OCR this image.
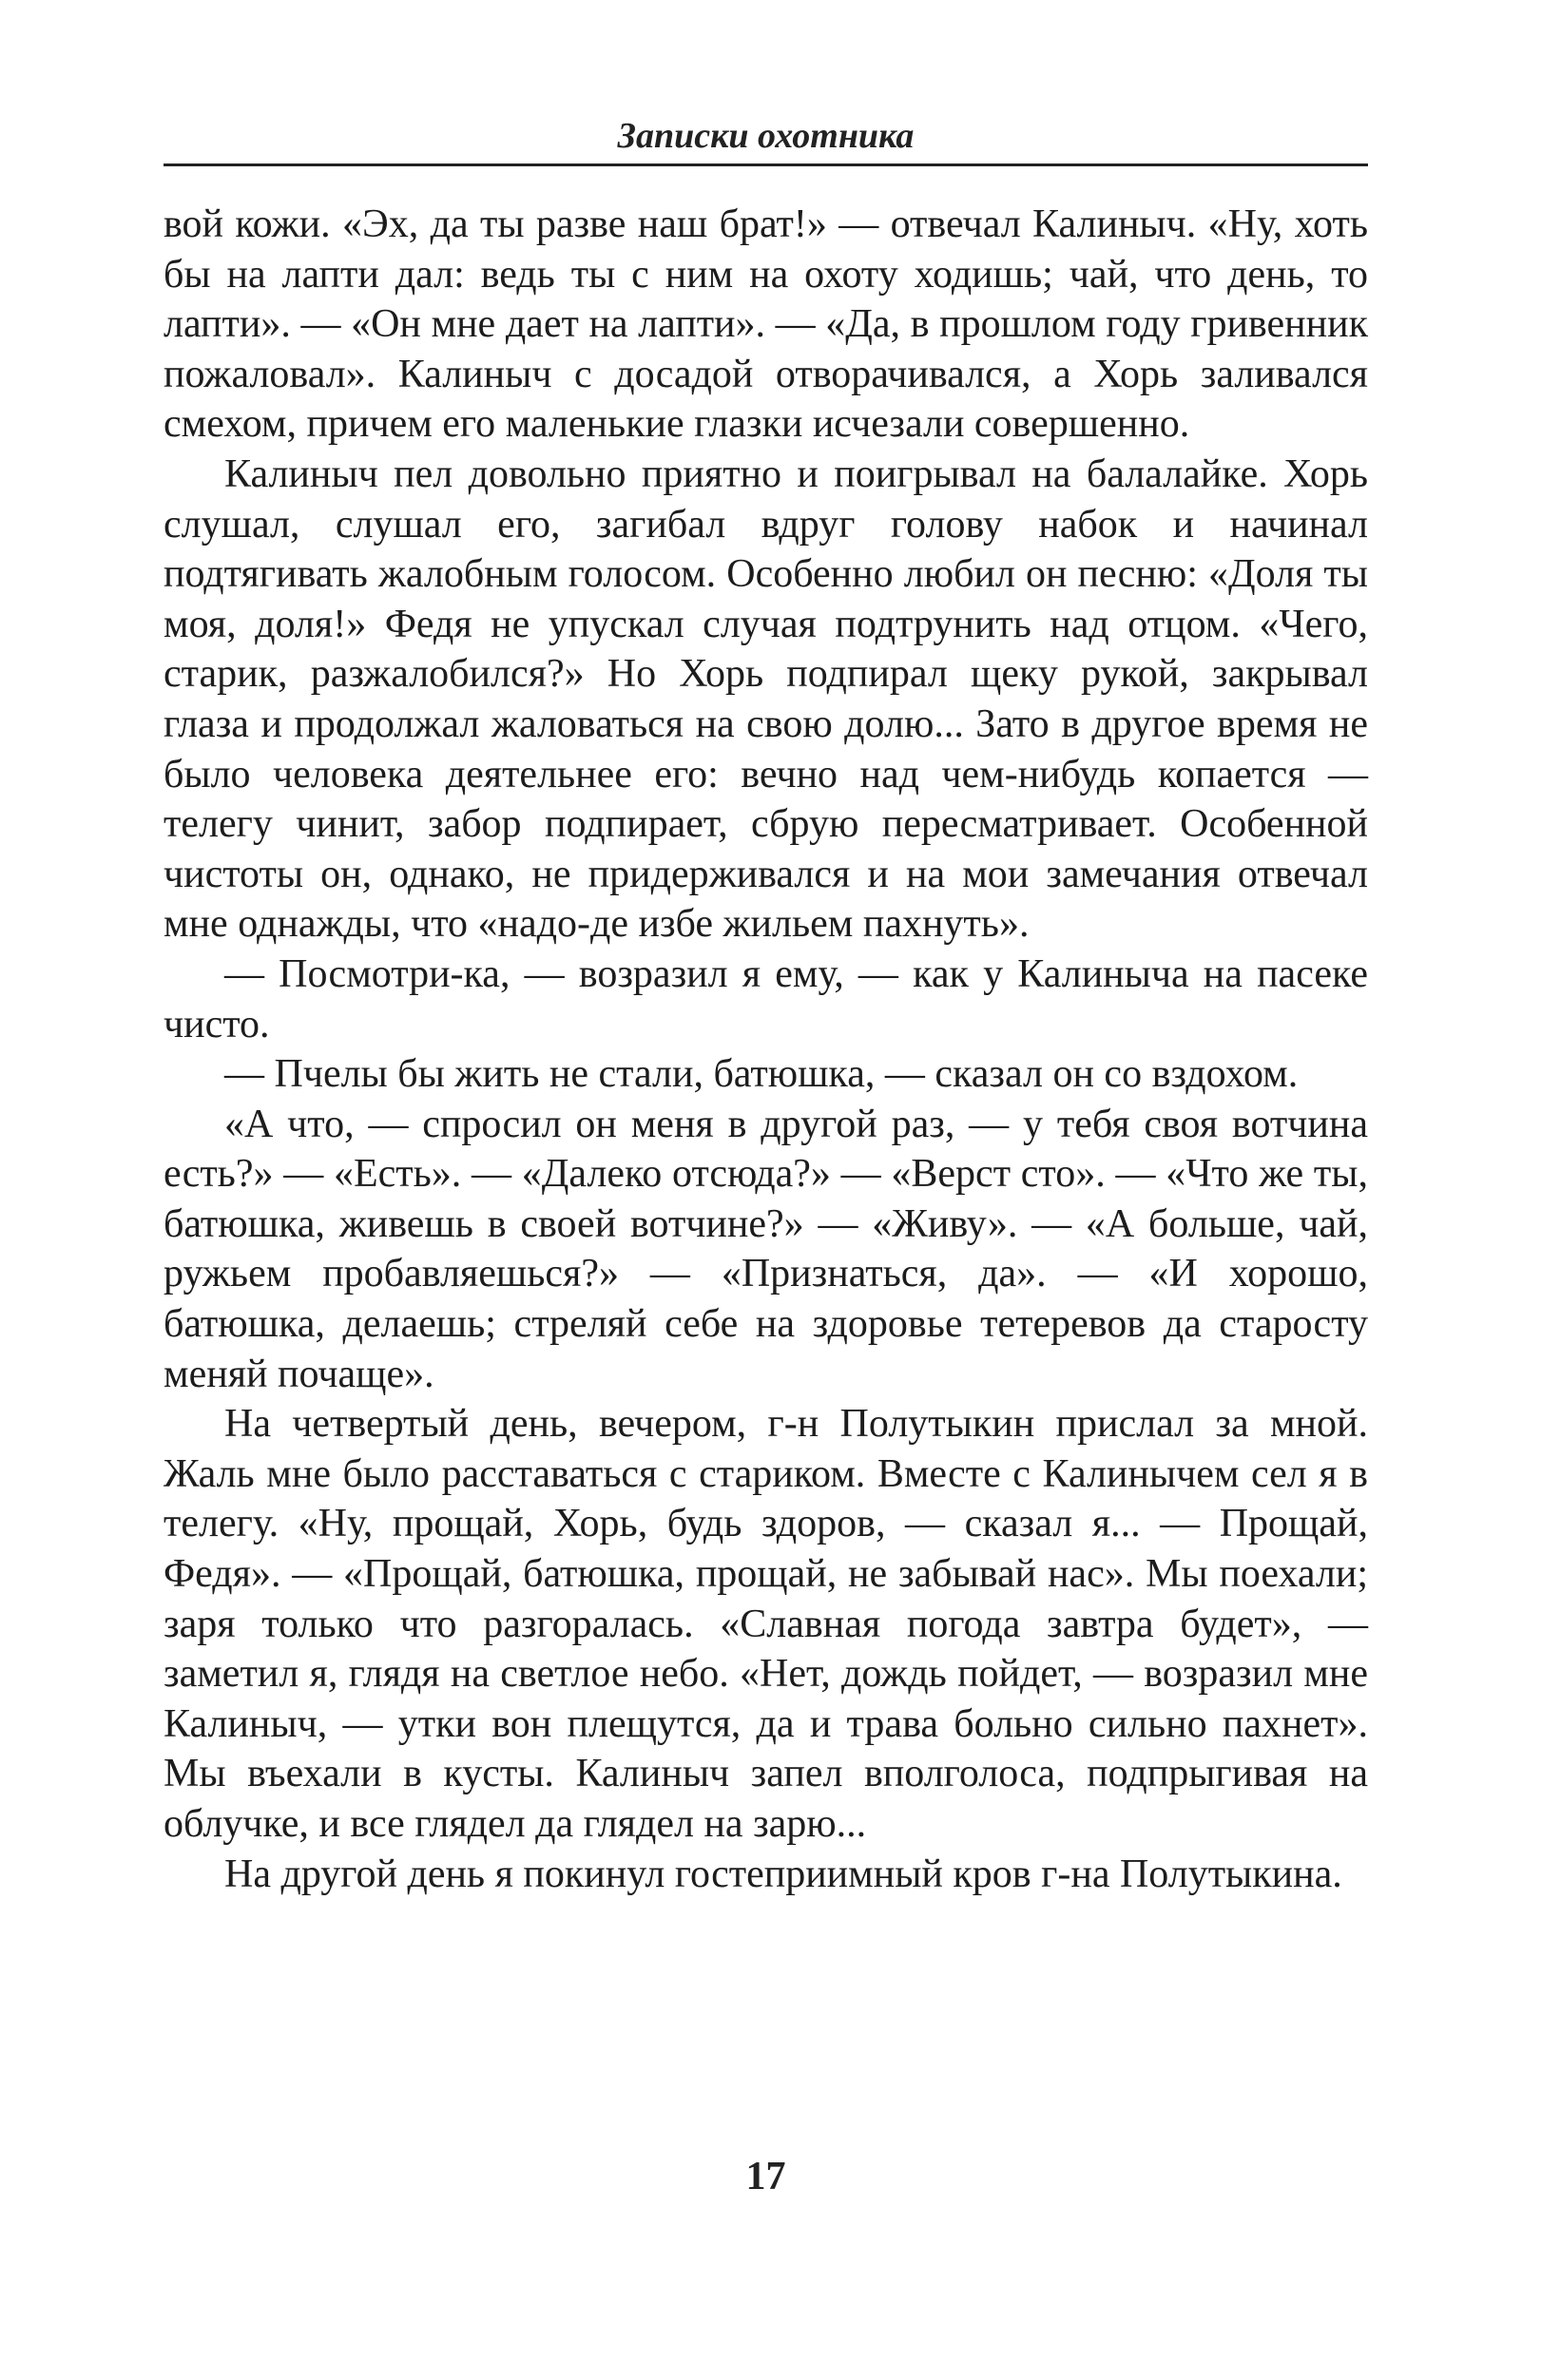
Записки охотника

вой кожи. «Эх, да ты разве наш брат!» — отвечал Калиныч. «Ну, хоть бы на лапти дал: ведь ты с ним на охоту ходишь; чай, что день, то лапти». — «Он мне дает на лапти». — «Да, в прошлом году гривенник пожаловал». Калиныч с досадой отворачивался, а Хорь заливался смехом, причем его маленькие глазки исчезали совершенно.

Калиныч пел довольно приятно и поигрывал на балалайке. Хорь слушал, слушал его, загибал вдруг голову набок и начинал подтягивать жалобным голосом. Особенно любил он песню: «Доля ты моя, доля!» Федя не упускал случая подтрунить над отцом. «Чего, старик, разжалобился?» Но Хорь подпирал щеку рукой, закрывал глаза и продолжал жаловаться на свою долю... Зато в другое время не было человека деятельнее его: вечно над чем-нибудь копается — телегу чинит, забор подпирает, сбрую пересматривает. Особенной чистоты он, однако, не придерживался и на мои замечания отвечал мне однажды, что «надо-де избе жильем пахнуть».

— Посмотри-ка, — возразил я ему, — как у Калиныча на пасеке чисто.

— Пчелы бы жить не стали, батюшка, — сказал он со вздохом.

«А что, — спросил он меня в другой раз, — у тебя своя вотчина есть?» — «Есть». — «Далеко отсюда?» — «Верст сто». — «Что же ты, батюшка, живешь в своей вотчине?» — «Живу». — «А больше, чай, ружьем пробавляешься?» — «Признаться, да». — «И хорошо, батюшка, делаешь; стреляй себе на здоровье тетеревов да старосту меняй почаще».

На четвертый день, вечером, г-н Полутыкин прислал за мной. Жаль мне было расставаться с стариком. Вместе с Калинычем сел я в телегу. «Ну, прощай, Хорь, будь здоров, — сказал я... — Прощай, Федя». — «Прощай, батюшка, прощай, не забывай нас». Мы поехали; заря только что разгоралась. «Славная погода завтра будет», — заметил я, глядя на светлое небо. «Нет, дождь пойдет, — возразил мне Калиныч, — утки вон плещутся, да и трава больно сильно пахнет». Мы въехали в кусты. Калиныч запел вполголоса, подпрыгивая на облучке, и все глядел да глядел на зарю...

На другой день я покинул гостеприимный кров г-на Полутыкина.

17
